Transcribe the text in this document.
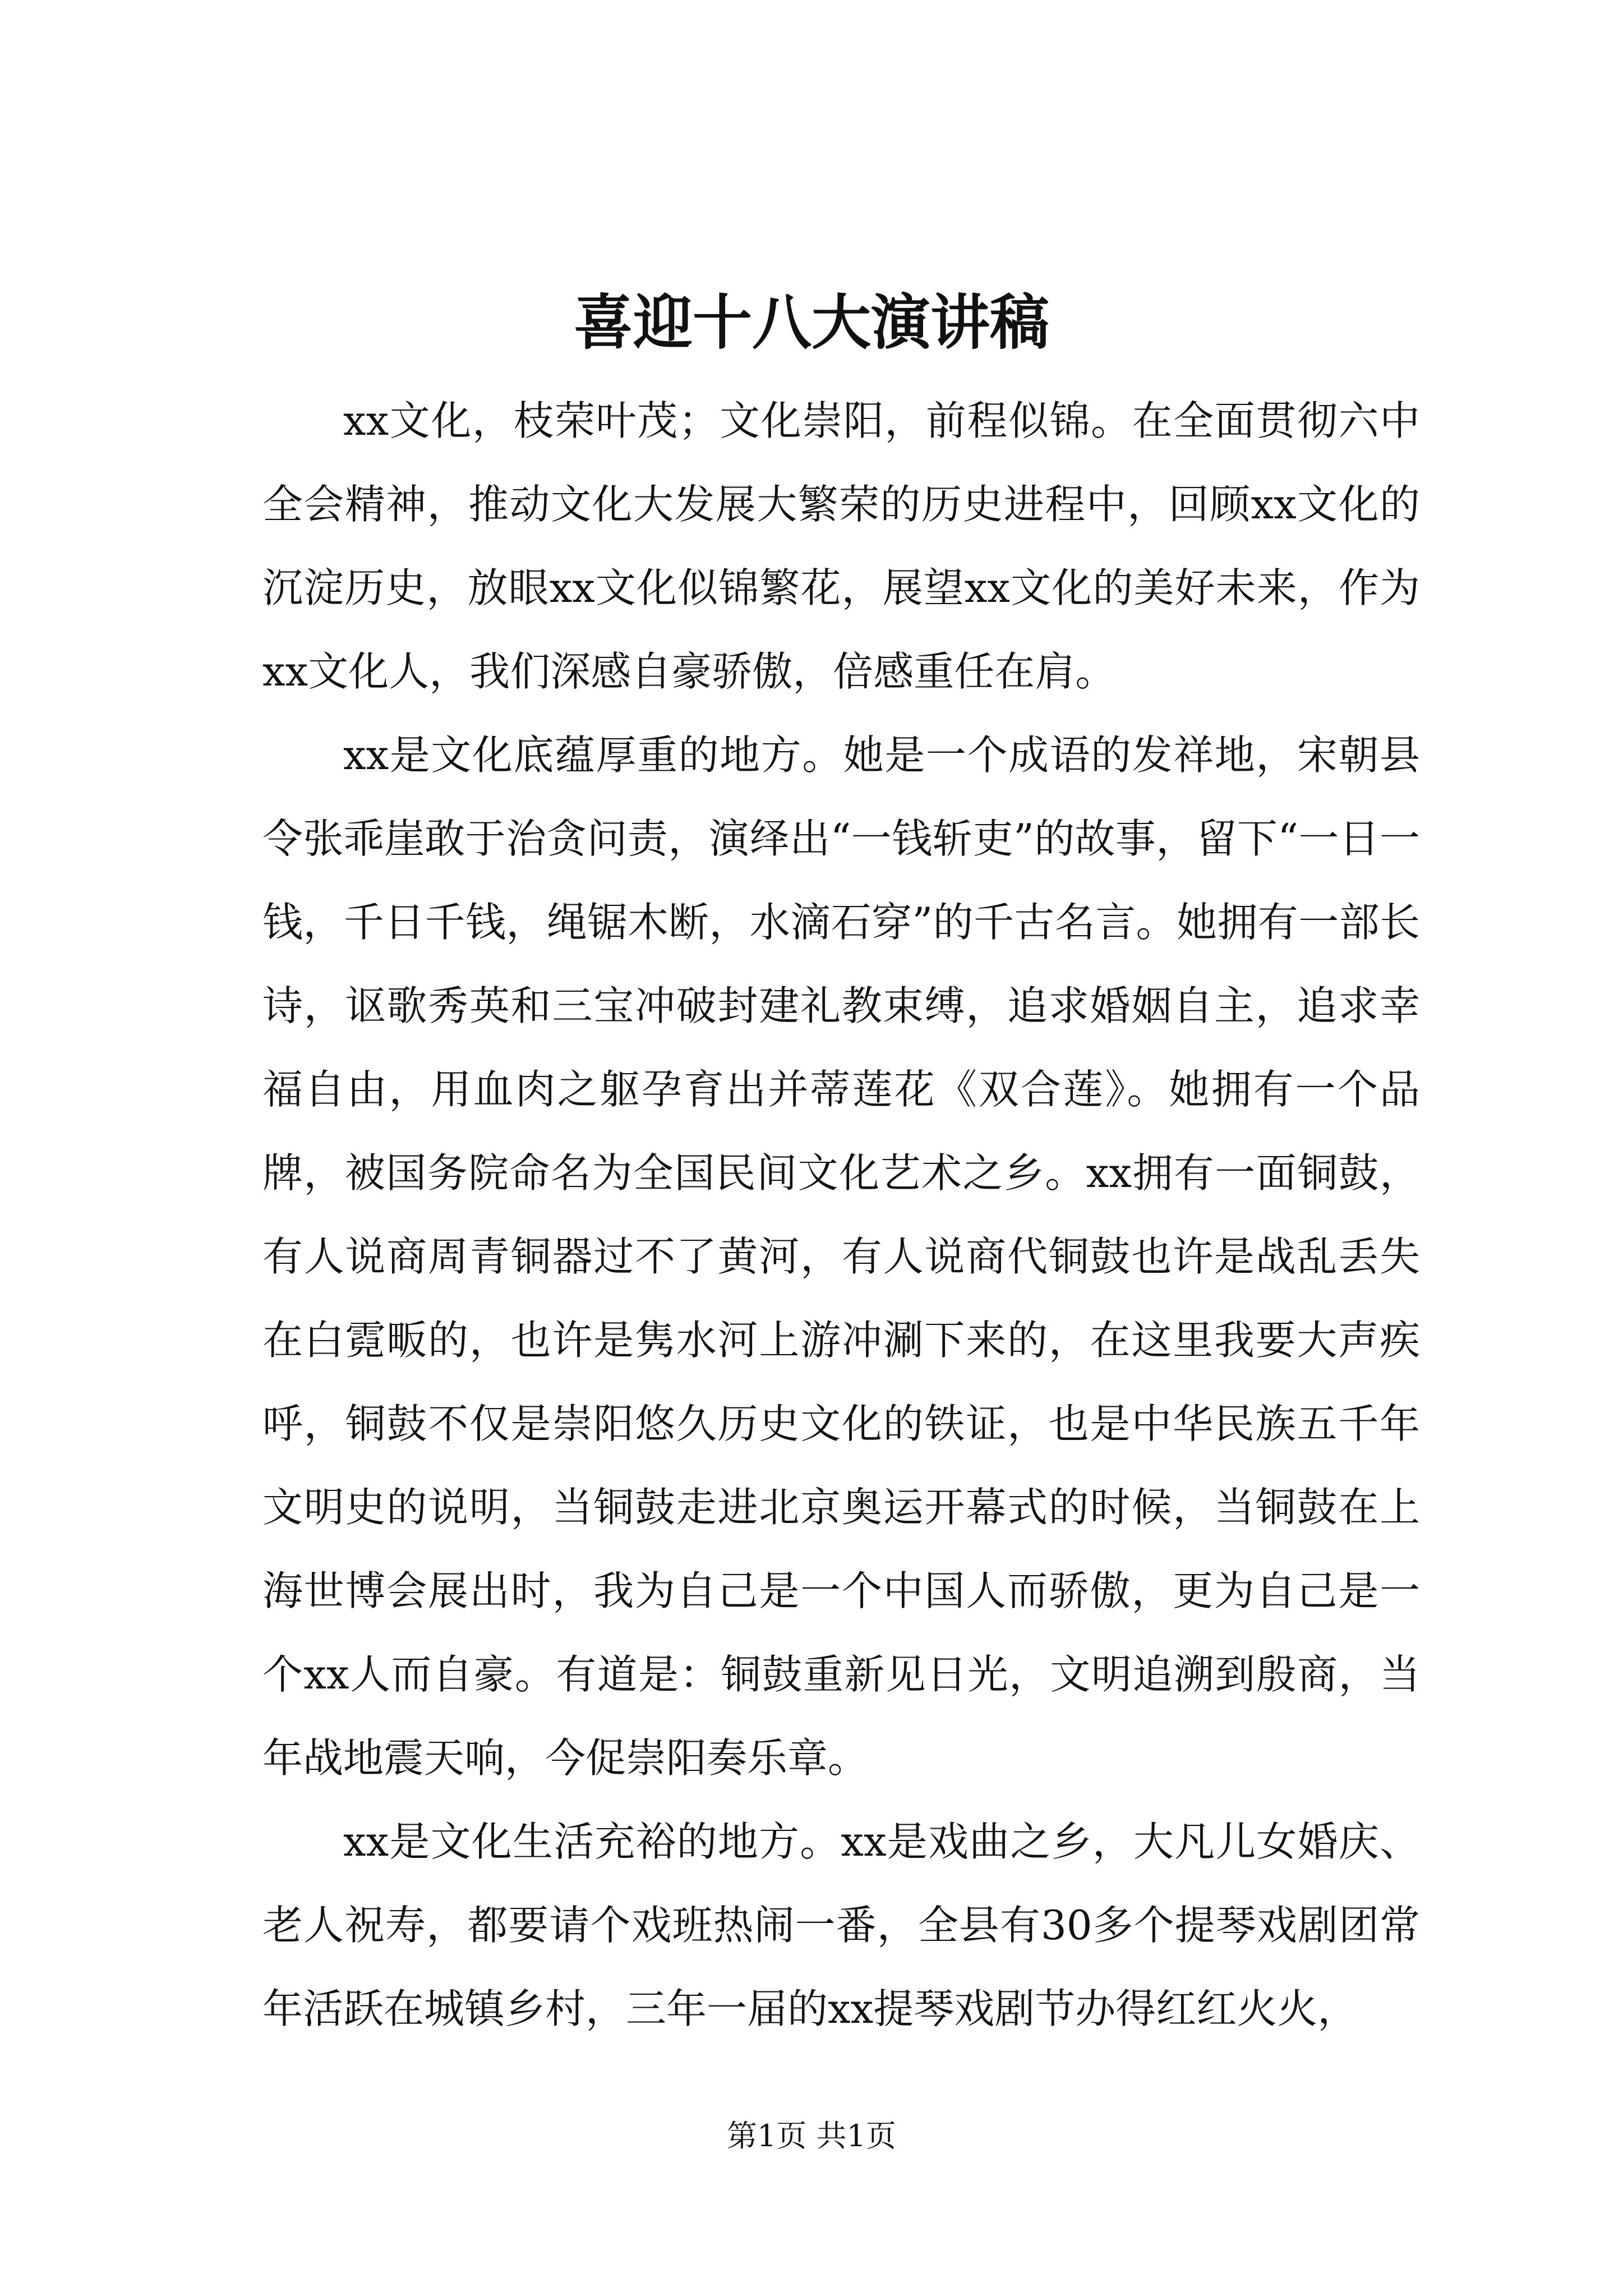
喜迎十八大演讲稿

xx文化，枝荣叶茂；文化崇阳，前程似锦。在全面贯彻六中全会精神，推动文化大发展大繁荣的历史进程中，回顾xx文化的沉淀历史，放眼xx文化似锦繁花，展望xx文化的美好未来，作为xx文化人，我们深感自豪骄傲，倍感重任在肩。

xx是文化底蕴厚重的地方。她是一个成语的发祥地，宋朝县令张乖崖敢于治贪问责，演绎出“一钱斩吏”的故事，留下“一日一钱，千日千钱，绳锯木断，水滴石穿”的千古名言。她拥有一部长诗，讴歌秀英和三宝冲破封建礼教束缚，追求婚姻自主，追求幸福自由，用血肉之躯孕育出并蒂莲花《双合莲》。她拥有一个品牌，被国务院命名为全国民间文化艺术之乡。xx拥有一面铜鼓，有人说商周青铜器过不了黄河，有人说商代铜鼓也许是战乱丢失在白霓畈的，也许是隽水河上游冲涮下来的，在这里我要大声疾呼，铜鼓不仅是崇阳悠久历史文化的铁证，也是中华民族五千年文明史的说明，当铜鼓走进北京奥运开幕式的时候，当铜鼓在上海世博会展出时，我为自己是一个中国人而骄傲，更为自己是一个xx人而自豪。有道是：铜鼓重新见日光，文明追溯到殷商，当年战地震天响，今促崇阳奏乐章。

xx是文化生活充裕的地方。xx是戏曲之乡，大凡儿女婚庆、老人祝寿，都要请个戏班热闹一番，全县有30多个提琴戏剧团常年活跃在城镇乡村，三年一届的xx提琴戏剧节办得红红火火，

第1页 共1页
